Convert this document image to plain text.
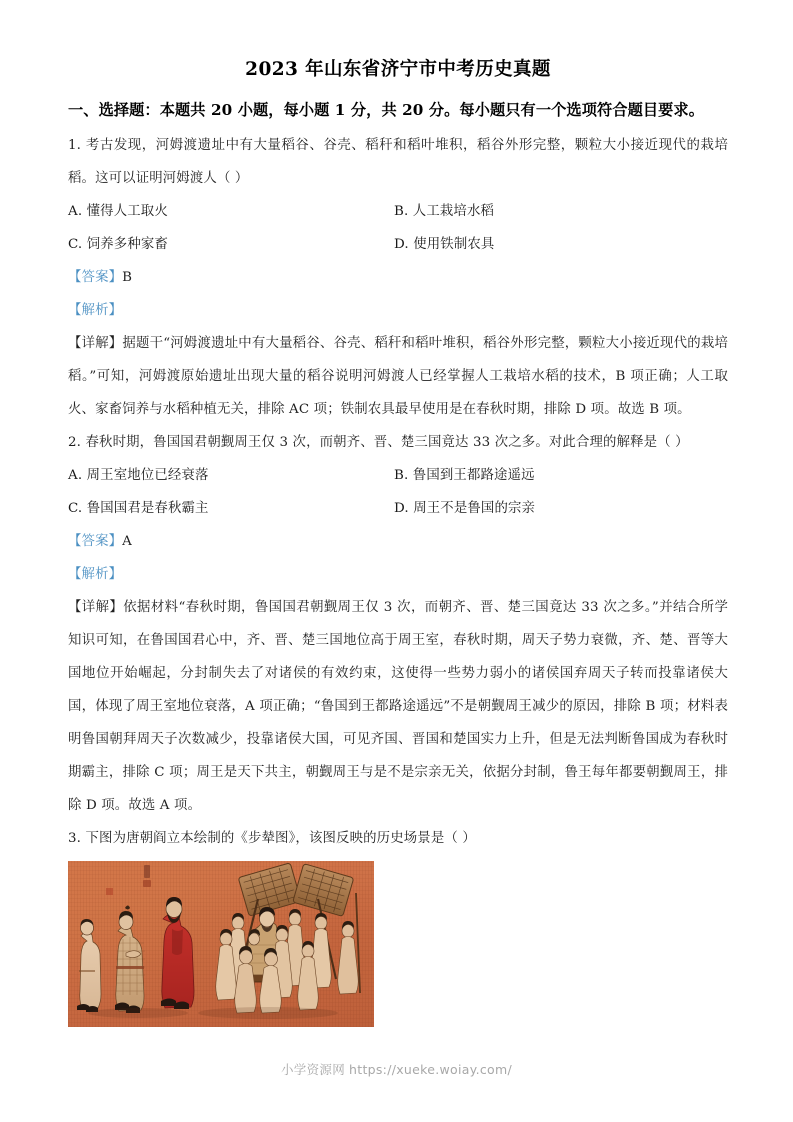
2023 年山东省济宁市中考历史真题
一、选择题：本题共 20 小题，每小题 1 分，共 20 分。每小题只有一个选项符合题目要求。

1. 考古发现，河姆渡遗址中有大量稻谷、谷壳、稻秆和稻叶堆积，稻谷外形完整，颗粒大小接近现代的栽培稻。这可以证明河姆渡人（ ）

A. 懂得人工取火	B. 人工栽培水稻
C. 饲养多种家畜	D. 使用铁制农具
【答案】B
【解析】

【详解】据题干“河姆渡遗址中有大量稻谷、谷壳、稻秆和稻叶堆积，稻谷外形完整，颗粒大小接近现代的栽培稻。”可知，河姆渡原始遗址出现大量的稻谷说明河姆渡人已经掌握人工栽培水稻的技术，B 项正确；人工取火、家畜饲养与水稻种植无关，排除 AC 项；铁制农具最早使用是在春秋时期，排除 D 项。故选 B 项。

2. 春秋时期，鲁国国君朝觐周王仅 3 次，而朝齐、晋、楚三国竟达 33 次之多。对此合理的解释是（ ）

A. 周王室地位已经衰落	B. 鲁国到王都路途遥远
C. 鲁国国君是春秋霸主	D. 周王不是鲁国的宗亲
【答案】A
【解析】

【详解】依据材料“春秋时期，鲁国国君朝觐周王仅 3 次，而朝齐、晋、楚三国竟达 33 次之多。”并结合所学知识可知，在鲁国国君心中，齐、晋、楚三国地位高于周王室，春秋时期，周天子势力衰微，齐、楚、晋等大国地位开始崛起，分封制失去了对诸侯的有效约束，这使得一些势力弱小的诸侯国弃周天子转而投靠诸侯大国，体现了周王室地位衰落，A 项正确；“鲁国到王都路途遥远”不是朝觐周王减少的原因，排除 B 项；材料表明鲁国朝拜周天子次数减少，投靠诸侯大国，可见齐国、晋国和楚国实力上升，但是无法判断鲁国成为春秋时期霸主，排除 C 项；周王是天下共主，朝觐周王与是不是宗亲无关，依据分封制，鲁王每年都要朝觐周王，排除 D 项。故选 A 项。

3. 下图为唐朝阎立本绘制的《步辇图》，该图反映的历史场景是（ ）

小学资源网 https://xueke.woiay.com/
